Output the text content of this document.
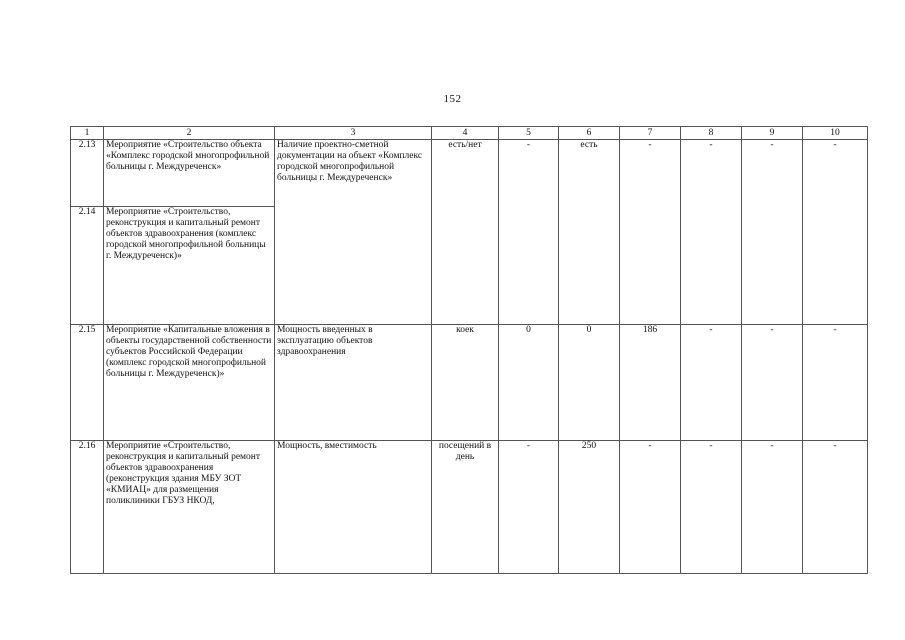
152
1	2	3	4	5	6	7	8	9	10
2.13	Мероприятие «Строительство объекта «Комплекс городской многопрофильной больницы г. Междуреченск»	Наличие проектно-сметной документации на объект «Комплекс городской многопрофильной больницы г. Междуреченск»	есть/нет	-	есть	-	-	-	-
2.14	Мероприятие «Строительство, реконструкция и капитальный ремонт объектов здравоохранения (комплекс городской многопрофильной больницы г. Междуреченск)»								
2.15	Мероприятие «Капитальные вложения в объекты государственной собственности субъектов Российской Федерации (комплекс городской многопрофильной больницы г. Междуреченск)»	Мощность введенных в эксплуатацию объектов здравоохранения	коек	0	0	186	-	-	-
2.16	Мероприятие «Строительство, реконструкция и капитальный ремонт объектов здравоохранения (реконструкция здания МБУ ЗОТ «КМИАЦ» для размещения поликлиники ГБУЗ НКОД,	Мощность, вместимость	посещений в день	-	250	-	-	-	-
